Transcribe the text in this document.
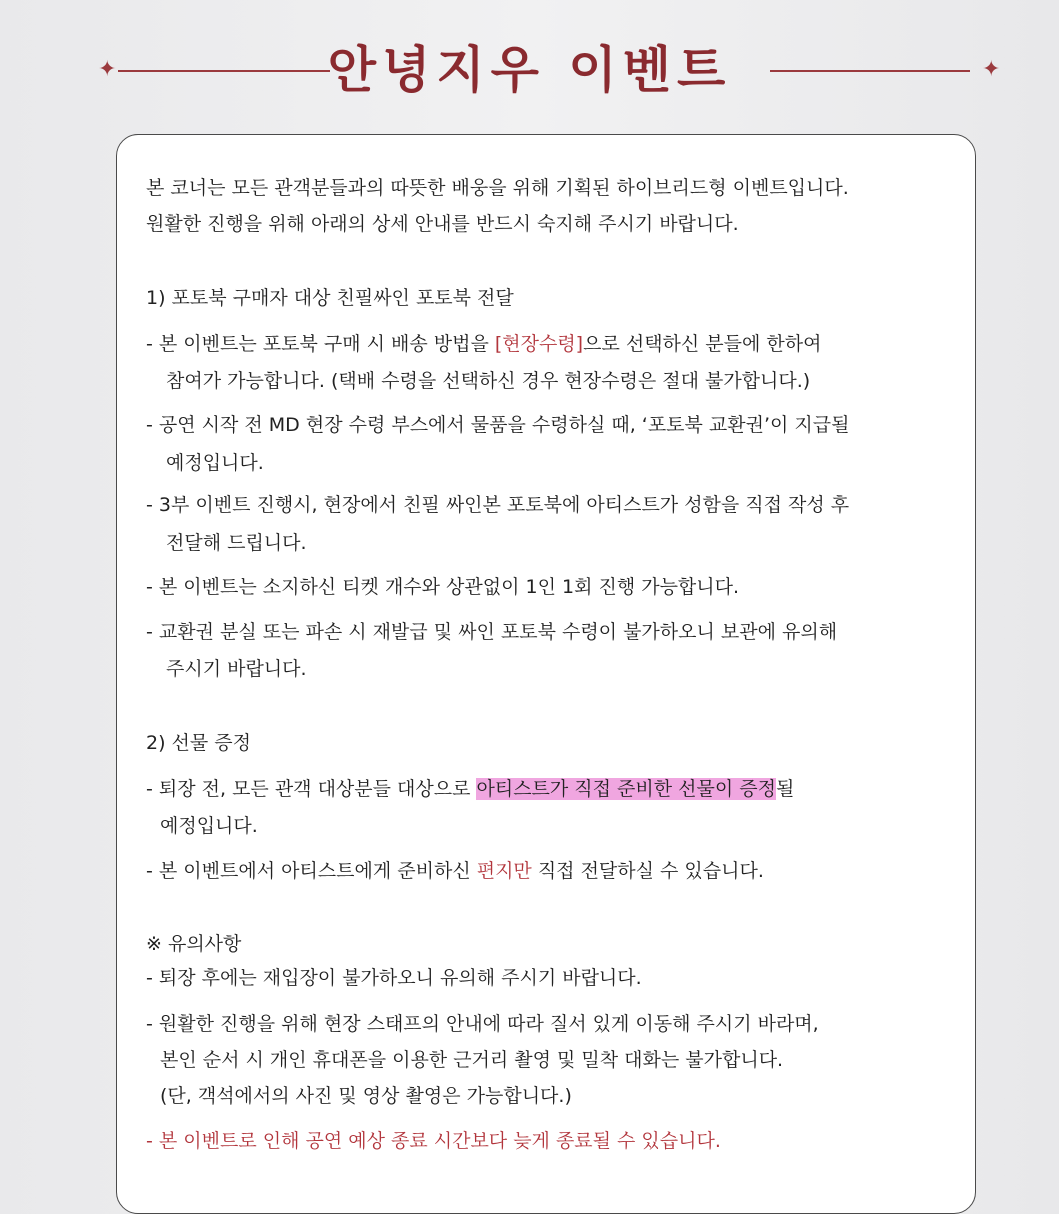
✦	안녕지우 이벤트	✦
본 코너는 모든 관객분들과의 따뜻한 배웅을 위해 기획된 하이브리드형 이벤트입니다.
원활한 진행을 위해 아래의 상세 안내를 반드시 숙지해 주시기 바랍니다.
1) 포토북 구매자 대상 친필싸인 포토북 전달
- 본 이벤트는 포토북 구매 시 배송 방법을 [현장수령]으로 선택하신 분들에 한하여
참여가 가능합니다. (택배 수령을 선택하신 경우 현장수령은 절대 불가합니다.)
- 공연 시작 전 MD 현장 수령 부스에서 물품을 수령하실 때, ‘포토북 교환권’이 지급될
예정입니다.
- 3부 이벤트 진행시, 현장에서 친필 싸인본 포토북에 아티스트가 성함을 직접 작성 후
전달해 드립니다.
- 본 이벤트는 소지하신 티켓 개수와 상관없이 1인 1회 진행 가능합니다.
- 교환권 분실 또는 파손 시 재발급 및 싸인 포토북 수령이 불가하오니 보관에 유의해
주시기 바랍니다.
2) 선물 증정
- 퇴장 전, 모든 관객 대상분들 대상으로 아티스트가 직접 준비한 선물이 증정될
예정입니다.
- 본 이벤트에서 아티스트에게 준비하신 편지만 직접 전달하실 수 있습니다.
※ 유의사항
- 퇴장 후에는 재입장이 불가하오니 유의해 주시기 바랍니다.
- 원활한 진행을 위해 현장 스태프의 안내에 따라 질서 있게 이동해 주시기 바라며,
본인 순서 시 개인 휴대폰을 이용한 근거리 촬영 및 밀착 대화는 불가합니다.
(단, 객석에서의 사진 및 영상 촬영은 가능합니다.)
- 본 이벤트로 인해 공연 예상 종료 시간보다 늦게 종료될 수 있습니다.
